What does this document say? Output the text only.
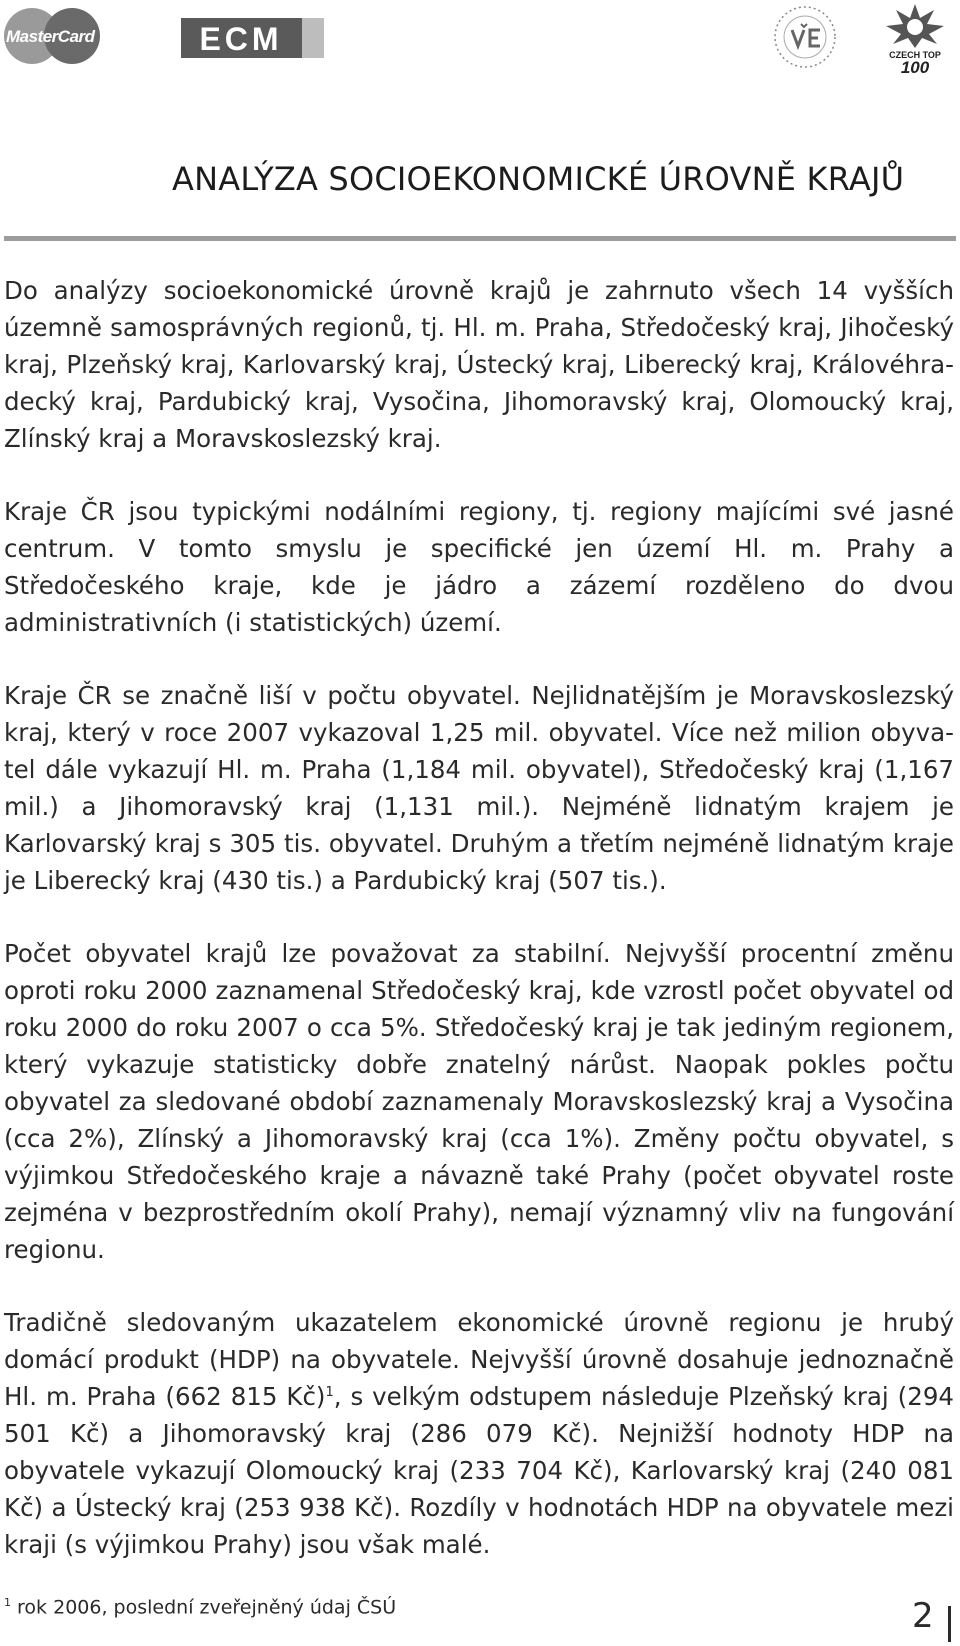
MasterCard	ECM	CZECH TOP
100
ANALÝZA SOCIOEKONOMICKÉ ÚROVNĚ KRAJŮ

Do analýzy socioekonomické úrovně krajů je zahrnuto všech 14 vyšších územně samosprávných regionů, tj. Hl. m. Praha, Středočeský kraj, Jihočeský kraj, Plzeňský kraj, Karlovarský kraj, Ústecký kraj, Liberecký kraj, Královéhradecký kraj, Pardubický kraj, Vysočina, Jihomoravský kraj, Olomoucký kraj, Zlínský kraj a Moravskoslezský kraj.

Kraje ČR jsou typickými nodálními regiony, tj. regiony majícími své jasné centrum. V tomto smyslu je specifické jen území Hl. m. Prahy a Středočeského kraje, kde je jádro a zázemí rozděleno do dvou administrativních (i statistických) území.

Kraje ČR se značně liší v počtu obyvatel. Nejlidnatějším je Moravskoslezský kraj, který v roce 2007 vykazoval 1,25 mil. obyvatel. Více než milion obyvatel dále vykazují Hl. m. Praha (1,184 mil. obyvatel), Středočeský kraj (1,167 mil.) a Jihomoravský kraj (1,131 mil.). Nejméně lidnatým krajem je Karlovarský kraj s 305 tis. obyvatel. Druhým a třetím nejméně lidnatým kraje je Liberecký kraj (430 tis.) a Pardubický kraj (507 tis.).

Počet obyvatel krajů lze považovat za stabilní. Nejvyšší procentní změnu oproti roku 2000 zaznamenal Středočeský kraj, kde vzrostl počet obyvatel od roku 2000 do roku 2007 o cca 5%. Středočeský kraj je tak jediným regionem, který vykazuje statisticky dobře znatelný nárůst. Naopak pokles počtu obyvatel za sledované období zaznamenaly Moravskoslezský kraj a Vysočina (cca 2%), Zlínský a Jihomoravský kraj (cca 1%). Změny počtu obyvatel, s výjimkou Středočeského kraje a návazně také Prahy (počet obyvatel roste zejména v bezprostředním okolí Prahy), nemají významný vliv na fungování regionu.

Tradičně sledovaným ukazatelem ekonomické úrovně regionu je hrubý domácí produkt (HDP) na obyvatele. Nejvyšší úrovně dosahuje jednoznačně Hl. m. Praha (662 815 Kč)$^1$, s velkým odstupem následuje Plzeňský kraj (294 501 Kč) a Jihomoravský kraj (286 079 Kč). Nejnižší hodnoty HDP na obyvatele vykazují Olomoucký kraj (233 704 Kč), Karlovarský kraj (240 081 Kč) a Ústecký kraj (253 938 Kč). Rozdíly v hodnotách HDP na obyvatele mezi kraji (s výjimkou Prahy) jsou však malé.

$^1$ rok 2006, poslední zveřejněný údaj ČSÚ	2
